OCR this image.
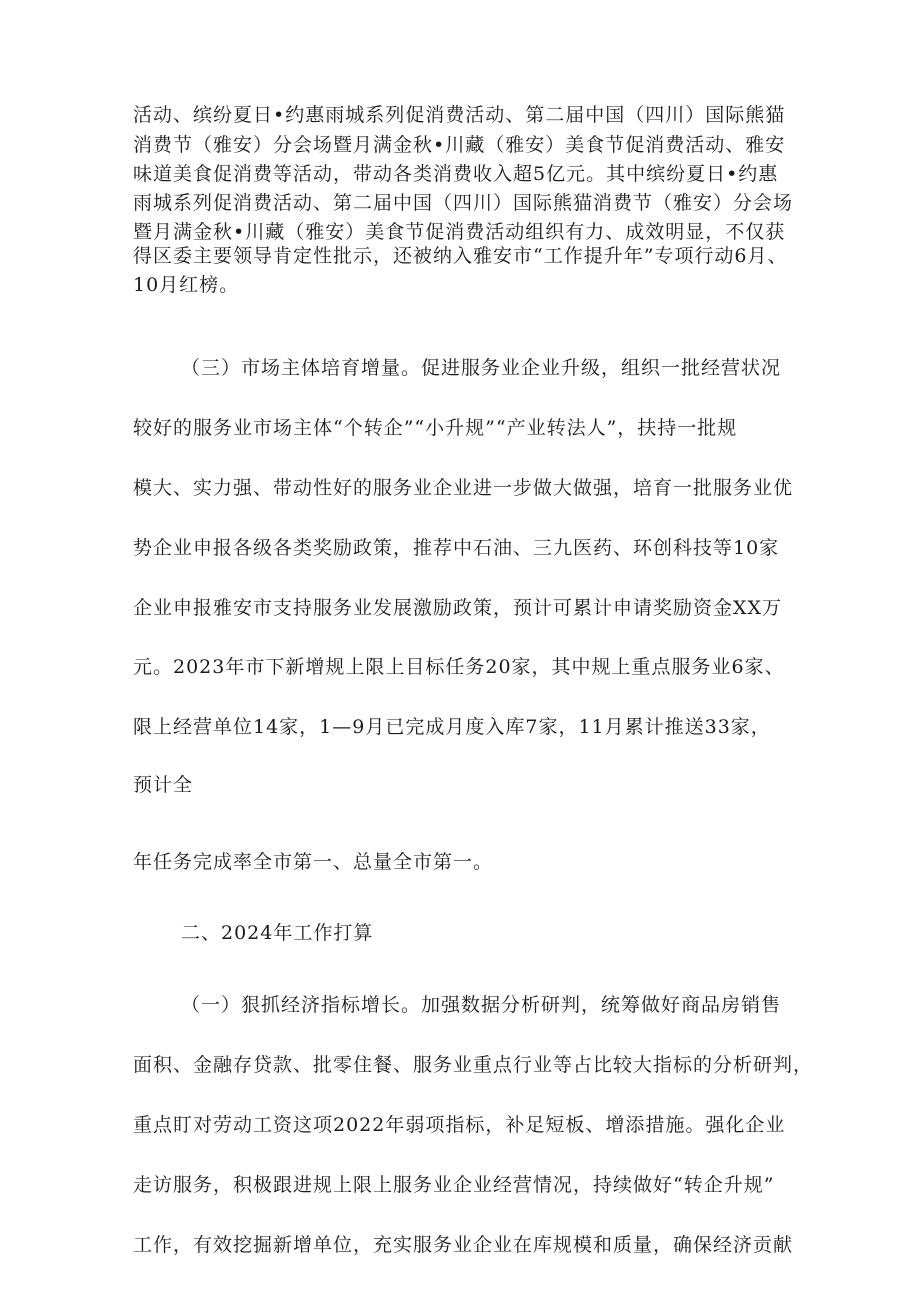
活动、缤纷夏日•约惠雨城系列促消费活动、第二届中国（四川）国际熊猫

消费节（雅安）分会场暨月满金秋•川藏（雅安）美食节促消费活动、雅安

味道美食促消费等活动，带动各类消费收入超5亿元。其中缤纷夏日•约惠

雨城系列促消费活动、第二届中国（四川）国际熊猫消费节（雅安）分会场

暨月满金秋•川藏（雅安）美食节促消费活动组织有力、成效明显，不仅获

得区委主要领导肯定性批示，还被纳入雅安市“工作提升年”专项行动6月、

10月红榜。

（三）市场主体培育增量。促进服务业企业升级，组织一批经营状况

较好的服务业市场主体“个转企”“小升规”“产业转法人”，扶持一批规

模大、实力强、带动性好的服务业企业进一步做大做强，培育一批服务业优

势企业申报各级各类奖励政策，推荐中石油、三九医药、环创科技等10家

企业申报雅安市支持服务业发展激励政策，预计可累计申请奖励资金XX万

元。2023年市下新增规上限上目标任务20家，其中规上重点服务业6家、

限上经营单位14家，1—9月已完成月度入库7家，11月累计推送33家，

预计全

年任务完成率全市第一、总量全市第一。

二、2024年工作打算

（一）狠抓经济指标增长。加强数据分析研判，统筹做好商品房销售

面积、金融存贷款、批零住餐、服务业重点行业等占比较大指标的分析研判，

重点盯对劳动工资这项2022年弱项指标，补足短板、增添措施。强化企业

走访服务，积极跟进规上限上服务业企业经营情况，持续做好“转企升规”

工作，有效挖掘新增单位，充实服务业企业在库规模和质量，确保经济贡献
